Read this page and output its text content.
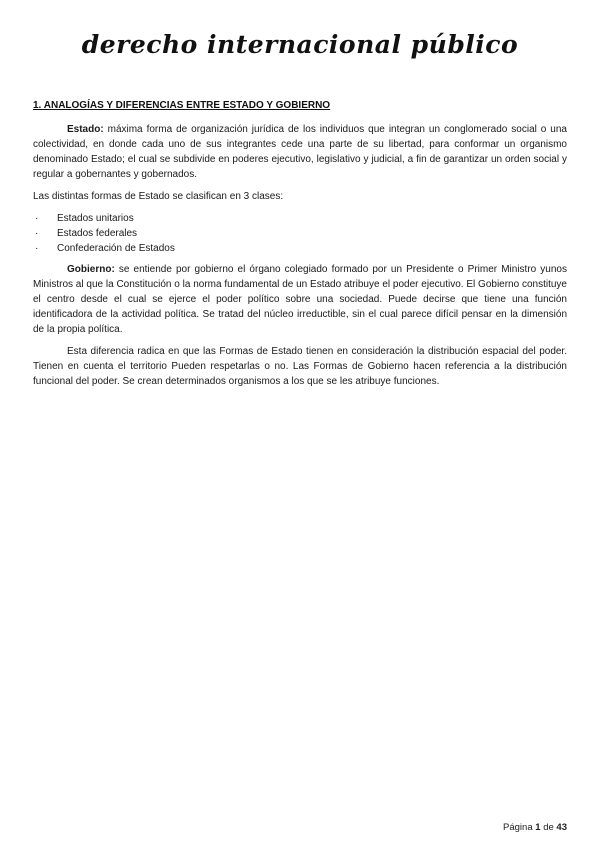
derecho internacional público
1. ANALOGÍAS Y DIFERENCIAS ENTRE ESTADO Y GOBIERNO

Estado: máxima forma de organización jurídica de los individuos que integran un conglomerado social o una colectividad, en donde cada uno de sus integrantes cede una parte de su libertad, para conformar un organismo denominado Estado; el cual se subdivide en poderes ejecutivo, legislativo y judicial, a fin de garantizar un orden social y regular a gobernantes y gobernados.

Las distintas formas de Estado se clasifican en 3 clases:

· Estados unitarios
· Estados federales
· Confederación de Estados

Gobierno: se entiende por gobierno el órgano colegiado formado por un Presidente o Primer Ministro yunos Ministros al que la Constitución o la norma fundamental de un Estado atribuye el poder ejecutivo. El Gobierno constituye el centro desde el cual se ejerce el poder político sobre una sociedad. Puede decirse que tiene una función identificadora de la actividad política. Se tratad del núcleo irreductible, sin el cual parece difícil pensar en la dimensión de la propia política.

Esta diferencia radica en que las Formas de Estado tienen en consideración la distribución espacial del poder. Tienen en cuenta el territorio Pueden respetarlas o no. Las Formas de Gobierno hacen referencia a la distribución funcional del poder. Se crean determinados organismos a los que se les atribuye funciones.

Página 1 de 43
